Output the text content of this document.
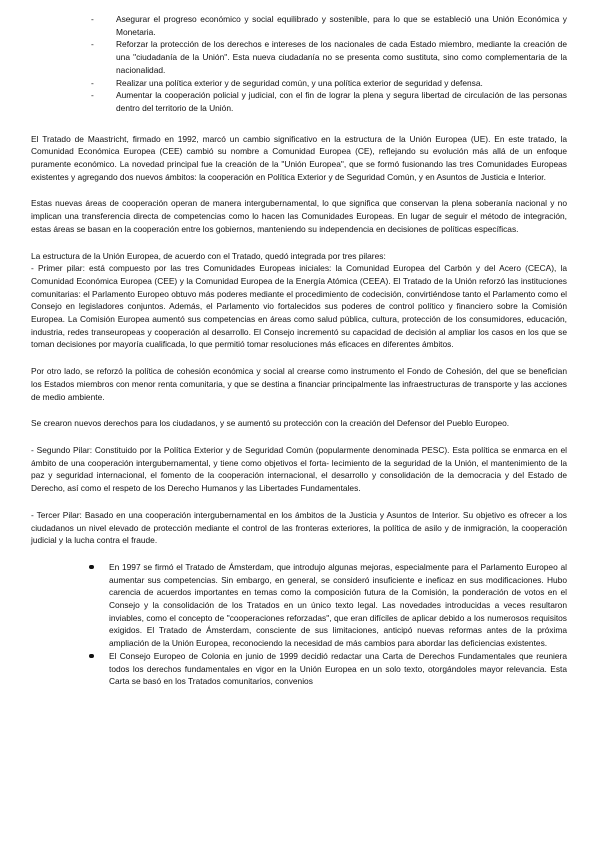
- Asegurar el progreso económico y social equilibrado y sostenible, para lo que se estableció una Unión Económica y Monetaria.
- Reforzar la protección de los derechos e intereses de los nacionales de cada Estado miembro, mediante la creación de una "ciudadanía de la Unión". Esta nueva ciudadanía no se presenta como sustituta, sino como complementaria de la nacionalidad.
- Realizar una política exterior y de seguridad común, y una política exterior de seguridad y defensa.
- Aumentar la cooperación policial y judicial, con el fin de lograr la plena y segura libertad de circulación de las personas dentro del territorio de la Unión.

El Tratado de Maastricht, firmado en 1992, marcó un cambio significativo en la estructura de la Unión Europea (UE). En este tratado, la Comunidad Económica Europea (CEE) cambió su nombre a Comunidad Europea (CE), reflejando su evolución más allá de un enfoque puramente económico. La novedad principal fue la creación de la "Unión Europea", que se formó fusionando las tres Comunidades Europeas existentes y agregando dos nuevos ámbitos: la cooperación en Política Exterior y de Seguridad Común, y en Asuntos de Justicia e Interior.

Estas nuevas áreas de cooperación operan de manera intergubernamental, lo que significa que conservan la plena soberanía nacional y no implican una transferencia directa de competencias como lo hacen las Comunidades Europeas. En lugar de seguir el método de integración, estas áreas se basan en la cooperación entre los gobiernos, manteniendo su independencia en decisiones de políticas específicas.

La estructura de la Unión Europea, de acuerdo con el Tratado, quedó integrada por tres pilares:

- Primer pilar: está compuesto por las tres Comunidades Europeas iniciales: la Comunidad Europea del Carbón y del Acero (CECA), la Comunidad Económica Europea (CEE) y la Comunidad Europea de la Energía Atómica (CEEA). El Tratado de la Unión reforzó las instituciones comunitarias: el Parlamento Europeo obtuvo más poderes mediante el procedimiento de codecisión, convirtiéndose tanto el Parlamento como el Consejo en legisladores conjuntos. Además, el Parlamento vio fortalecidos sus poderes de control político y financiero sobre la Comisión Europea. La Comisión Europea aumentó sus competencias en áreas como salud pública, cultura, protección de los consumidores, educación, industria, redes transeuropeas y cooperación al desarrollo. El Consejo incrementó su capacidad de decisión al ampliar los casos en los que se toman decisiones por mayoría cualificada, lo que permitió tomar resoluciones más eficaces en diferentes ámbitos.

Por otro lado, se reforzó la política de cohesión económica y social al crearse como instrumento el Fondo de Cohesión, del que se benefician los Estados miembros con menor renta comunitaria, y que se destina a financiar principalmente las infraestructuras de transporte y las acciones de medio ambiente.

Se crearon nuevos derechos para los ciudadanos, y se aumentó su protección con la creación del Defensor del Pueblo Europeo.

- Segundo Pilar: Constituido por la Política Exterior y de Seguridad Común (popularmente denominada PESC). Esta política se enmarca en el ámbito de una cooperación intergubernamental, y tiene como objetivos el forta- lecimiento de la seguridad de la Unión, el mantenimiento de la paz y seguridad internacional, el fomento de la cooperación internacional, el desarrollo y consolidación de la democracia y del Estado de Derecho, así como el respeto de los Derecho Humanos y las Libertades Fundamentales.

- Tercer Pilar: Basado en una cooperación intergubernamental en los ámbitos de la Justicia y Asuntos de Interior. Su objetivo es ofrecer a los ciudadanos un nivel elevado de protección mediante el control de las fronteras exteriores, la política de asilo y de inmigración, la cooperación judicial y la lucha contra el fraude.

En 1997 se firmó el Tratado de Ámsterdam, que introdujo algunas mejoras, especialmente para el Parlamento Europeo al aumentar sus competencias. Sin embargo, en general, se consideró insuficiente e ineficaz en sus modificaciones. Hubo carencia de acuerdos importantes en temas como la composición futura de la Comisión, la ponderación de votos en el Consejo y la consolidación de los Tratados en un único texto legal. Las novedades introducidas a veces resultaron inviables, como el concepto de "cooperaciones reforzadas", que eran difíciles de aplicar debido a los numerosos requisitos exigidos. El Tratado de Ámsterdam, consciente de sus limitaciones, anticipó nuevas reformas antes de la próxima ampliación de la Unión Europea, reconociendo la necesidad de más cambios para abordar las deficiencias existentes.
El Consejo Europeo de Colonia en junio de 1999 decidió redactar una Carta de Derechos Fundamentales que reuniera todos los derechos fundamentales en vigor en la Unión Europea en un solo texto, otorgándoles mayor relevancia. Esta Carta se basó en los Tratados comunitarios, convenios
